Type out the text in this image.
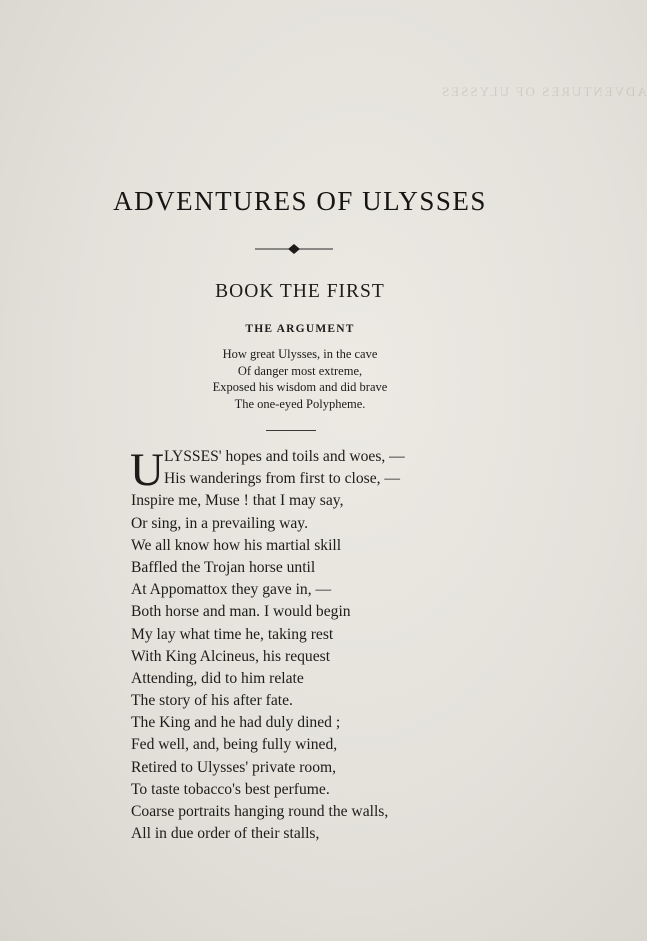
ADVENTURES OF ULYSSES
ADVENTURES OF ULYSSES
BOOK THE FIRST
THE ARGUMENT
How great Ulysses, in the cave
Of danger most extreme,
Exposed his wisdom and did brave
The one-eyed Polypheme.
U LYSSES' hopes and toils and woes, —
His wanderings from first to close, —
Inspire me, Muse ! that I may say,
Or sing, in a prevailing way.
We all know how his martial skill
Baffled the Trojan horse until
At Appomattox they gave in, —
Both horse and man. I would begin
My lay what time he, taking rest
With King Alcineus, his request
Attending, did to him relate
The story of his after fate.
The King and he had duly dined ;
Fed well, and, being fully wined,
Retired to Ulysses' private room,
To taste tobacco's best perfume.
Coarse portraits hanging round the walls,
All in due order of their stalls,
